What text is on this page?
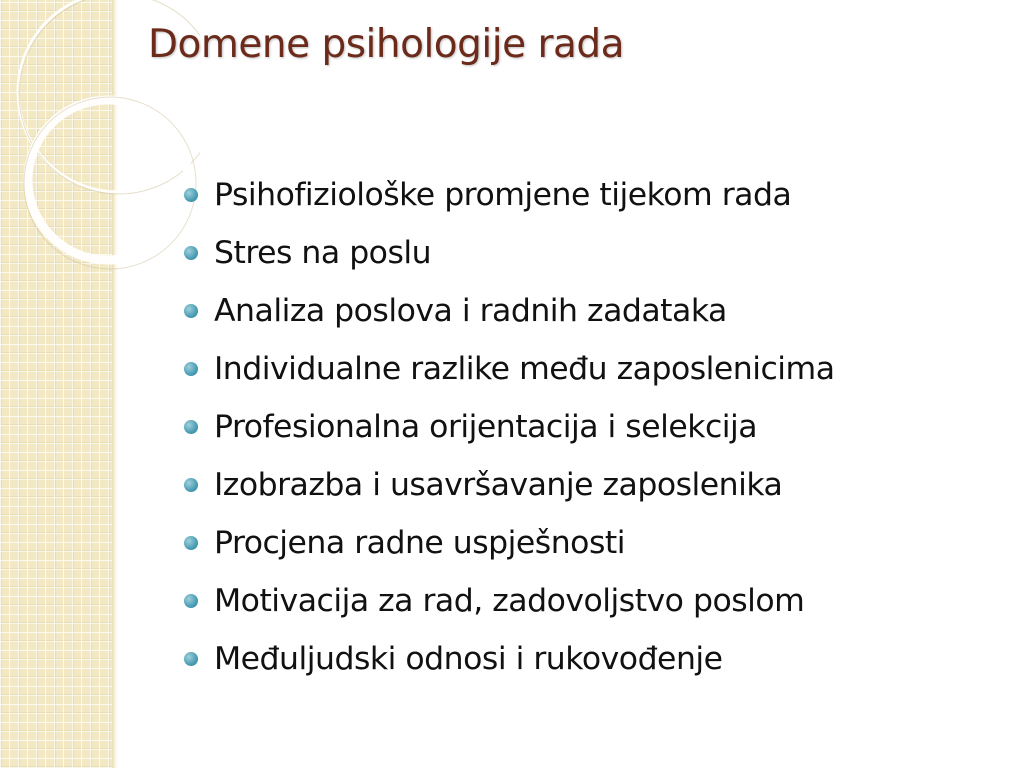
Domene psihologije rada
Psihofiziološke promjene tijekom rada
Stres na poslu
Analiza poslova i radnih zadataka
Individualne razlike među zaposlenicima
Profesionalna orijentacija i selekcija
Izobrazba i usavršavanje zaposlenika
Procjena radne uspješnosti
Motivacija za rad, zadovoljstvo poslom
Međuljudski odnosi i rukovođenje
